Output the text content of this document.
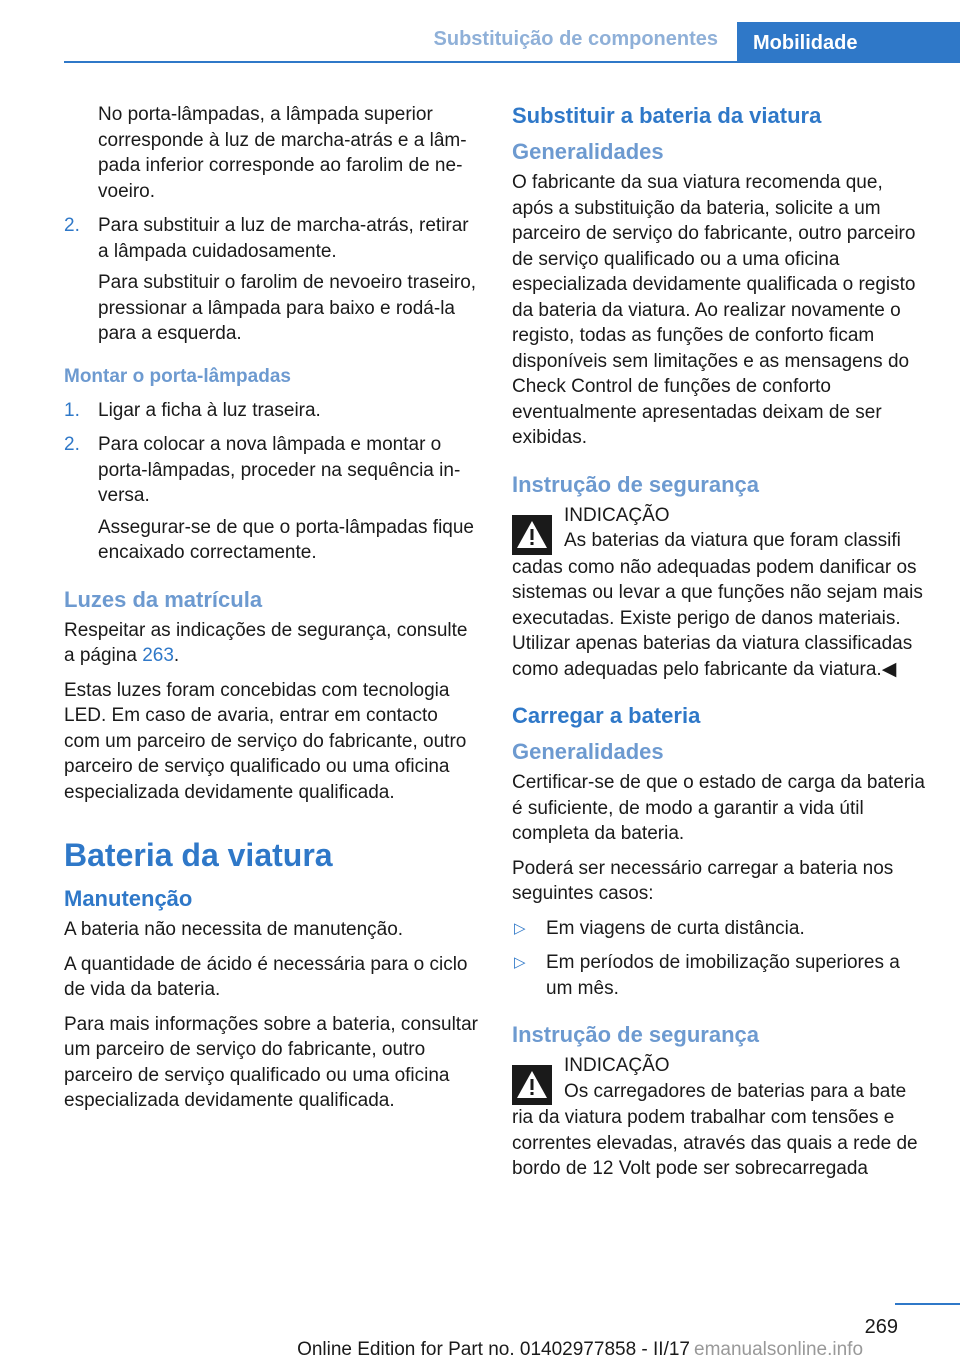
Substituição de componentes	Mobilidade

No porta-lâmpadas, a lâmpada superior corresponde à luz de marcha-atrás e a lâmpada inferior corresponde ao farolim de nevoeiro.

2. Para substituir a luz de marcha-atrás, retirar a lâmpada cuidadosamente.

Para substituir o farolim de nevoeiro traseiro, pressionar a lâmpada para baixo e rodá-la para a esquerda.

Montar o porta-lâmpadas
1. Ligar a ficha à luz traseira.
2. Para colocar a nova lâmpada e montar o porta-lâmpadas, proceder na sequência inversa.

Assegurar-se de que o porta-lâmpadas fique encaixado correctamente.

Luzes da matrícula

Respeitar as indicações de segurança, consulte a página 263.

Estas luzes foram concebidas com tecnologia LED. Em caso de avaria, entrar em contacto com um parceiro de serviço do fabricante, outro parceiro de serviço qualificado ou uma oficina especializada devidamente qualificada.

Bateria da viatura
Manutenção

A bateria não necessita de manutenção.

A quantidade de ácido é necessária para o ciclo de vida da bateria.

Para mais informações sobre a bateria, consultar um parceiro de serviço do fabricante, outro parceiro de serviço qualificado ou uma oficina especializada devidamente qualificada.

Substituir a bateria da viatura
Generalidades

O fabricante da sua viatura recomenda que, após a substituição da bateria, solicite a um parceiro de serviço do fabricante, outro parceiro de serviço qualificado ou a uma oficina especializada devidamente qualificada o registo da bateria da viatura. Ao realizar novamente o registo, todas as funções de conforto ficam disponíveis sem limitações e as mensagens do Check Control de funções de conforto eventualmente apresentadas deixam de ser exibidas.

Instrução de segurança

INDICAÇÃO

As baterias da viatura que foram classifi

cadas como não adequadas podem danificar os sistemas ou levar a que funções não sejam mais executadas. Existe perigo de danos materiais. Utilizar apenas baterias da viatura classificadas como adequadas pelo fabricante da viatura.◀

Carregar a bateria
Generalidades

Certificar-se de que o estado de carga da bateria é suficiente, de modo a garantir a vida útil completa da bateria.

Poderá ser necessário carregar a bateria nos seguintes casos:

▷ Em viagens de curta distância.
▷ Em períodos de imobilização superiores a um mês.
Instrução de segurança

INDICAÇÃO

Os carregadores de baterias para a bate

ria da viatura podem trabalhar com tensões e correntes elevadas, através das quais a rede de bordo de 12 Volt pode ser sobrecarregada

269
Online Edition for Part no. 01402977858 - II/17 emanualsonline.info
